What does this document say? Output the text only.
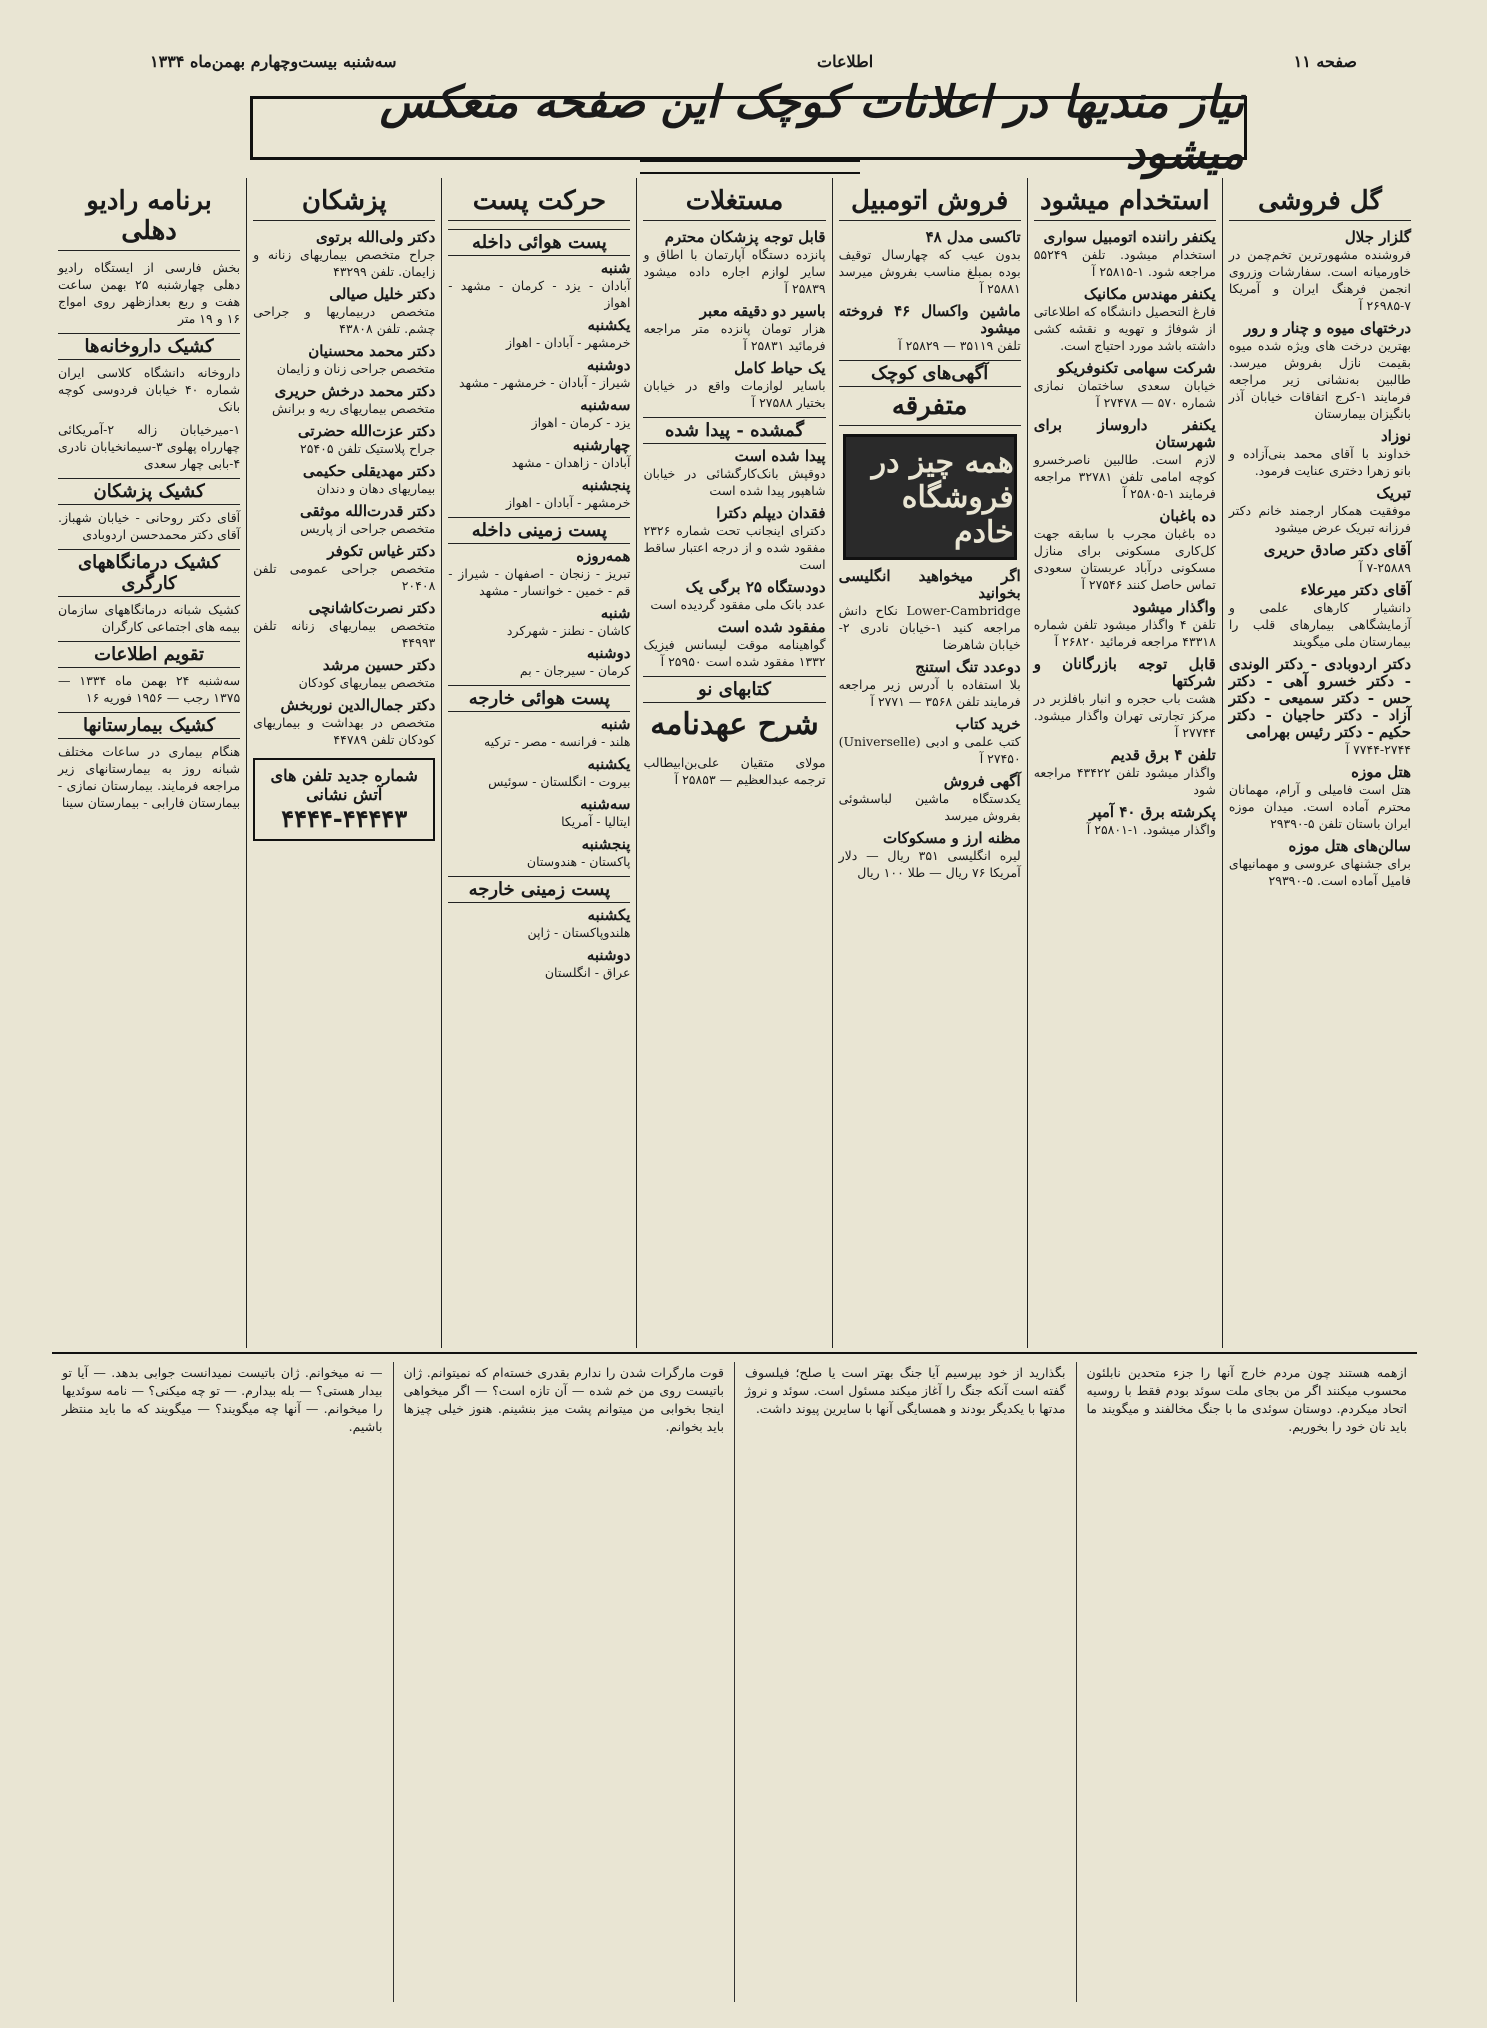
صفحه ۱۱
اطلاعات
سه‌شنبه بیست‌وچهارم بهمن‌ماه ۱۳۳۴
نیاز مندیها در اعلانات کوچک این صفحه منعکس میشود
گل فروشی
گلزار جلال
فروشنده مشهورترین تخم‌چمن در خاورمیانه است. سفارشات وزروی انجمن فرهنگ ایران و آمریکا ۷-۲۶۹۸۵ آ
درختهای میوه و چنار و رور
بهترین درخت های ویژه شده میوه بقیمت نازل بفروش میرسد. طالبین به‌نشانی زیر مراجعه فرمایند ۱-کرج اتفاقات خیابان آذر بانگیزان بیمارستان
نوزاد
خداوند با آقای محمد بنی‌آزاده و بانو زهرا دختری عنایت فرمود.
تبریک
موفقیت همکار ارجمند خانم دکتر فرزانه تبریک عرض میشود
آقای دکتر صادق حریری
۷-۲۵۸۸۹ آ
آقای دکتر میرعلاء
دانشیار کارهای علمی و آزمایشگاهی بیمارهای قلب را بیمارستان ملی میگویند
دکتر اردوبادی - دکتر الوندی - دکتر خسرو آهی - دکتر حس - دکتر سمیعی - دکتر آزاد - دکتر حاجیان - دکتر حکیم - دکتر رئیس بهرامی
۷۷۴۴-۲۷۴۴ آ
هتل موزه
هتل است فامیلی و آرام، مهمانان محترم آماده است. میدان موزه ایران باستان تلفن ۵-۲۹۳۹۰
سالن‌های هتل موزه
برای جشنهای عروسی و مهمانیهای فامیل آماده است. ۵-۲۹۳۹۰
استخدام میشود
یکنفر راننده اتومبیل سواری
استخدام میشود. تلفن ۵۵۲۴۹ مراجعه شود. ۱-۲۵۸۱۵ آ
یکنفر مهندس مکانیک
فارغ التحصیل دانشگاه که اطلاعاتی از شوفاژ و تهویه و نقشه کشی داشته باشد مورد احتیاج است.
شرکت سهامی تکنوفریکو
خیابان سعدی ساختمان نمازی شماره ۵۷۰ — ۲۷۴۷۸ آ
یکنفر داروساز برای شهرستان
لازم است. طالبین ناصرخسرو کوچه امامی تلفن ۳۲۷۸۱ مراجعه فرمایند ۱-۲۵۸۰۵ آ
ده باغبان
ده باغبان مجرب با سابقه جهت کل‌کاری مسکونی برای منازل مسکونی درآباد عربستان سعودی تماس حاصل کنند ۲۷۵۴۶ آ
واگذار میشود
تلفن ۴ واگذار میشود تلفن شماره ۴۳۳۱۸ مراجعه فرمائید ۲۶۸۲۰ آ
قابل توجه بازرگانان و شرکتها
هشت باب حجره و انبار بافلزبر در مرکز تجارتی تهران واگذار میشود. ۲۷۷۴۴ آ
تلفن ۴ برق قدیم
واگذار میشود تلفن ۴۳۴۲۲ مراجعه شود
پکرشته برق ۴۰ آمپر
واگذار میشود. ۱-۲۵۸۰۱ آ
فروش اتومبیل
تاکسی مدل ۴۸
بدون عیب که چهارسال توقیف بوده بمبلغ مناسب بفروش میرسد ۲۵۸۸۱ آ
ماشین واکسال ۴۶ فروخته میشود
تلفن ۳۵۱۱۹ — ۲۵۸۲۹ آ
آگهی‌های کوچک
متفرقه
همه چیز در فروشگاه خادم
اگر میخواهید انگلیسی بخوانید
Lower-Cambridge نکاح دانش مراجعه کنید ۱-خیابان نادری ۲-خیابان شاهرضا
دوعدد تنگ استنج
بلا استفاده با آدرس زیر مراجعه فرمایند تلفن ۳۵۶۸ — ۲۷۷۱ آ
خرید کتاب
کتب علمی و ادبی (Universelle) ۲۷۴۵۰ آ
آگهی فروش
یکدستگاه ماشین لباسشوئی بفروش میرسد
مظنه ارز و مسکوکات
لیره انگلیسی ۳۵۱ ریال — دلار آمریکا ۷۶ ریال — طلا ۱۰۰ ریال
مستغلات
قابل توجه پزشکان محترم
پانزده دستگاه آپارتمان با اطاق و سایر لوازم اجاره داده میشود ۲۵۸۳۹ آ
باسیر دو دقیقه معبر
هزار تومان پانزده متر مراجعه فرمائید ۲۵۸۳۱ آ
یک حیاط کامل
باسایر لوازمات واقع در خیابان بختیار ۲۷۵۸۸ آ
گمشده - پیدا شده
پیدا شده است
دوقپش بانک‌کارگشائی در خیابان شاهپور پیدا شده است
فقدان دیپلم دکترا
دکترای اینجانب تحت شماره ۲۳۲۶ مفقود شده و از درجه اعتبار ساقط است
دودستگاه ۲۵ برگی یک
عدد بانک ملی مفقود گردیده است
مفقود شده است
گواهینامه موقت لیسانس فیزیک ۱۳۳۲ مفقود شده است ۲۵۹۵۰ آ
کتابهای نو
شرح عهدنامه
مولای متقیان علی‌بن‌ابیطالب ترجمه عبدالعظیم — ۲۵۸۵۳ آ
حرکت پست
پست هوائی داخله
شنبه
آبادان - یزد - کرمان - مشهد - اهواز
یکشنبه
خرمشهر - آبادان - اهواز
دوشنبه
شیراز - آبادان - خرمشهر - مشهد
سه‌شنبه
یزد - کرمان - اهواز
چهارشنبه
آبادان - زاهدان - مشهد
پنجشنبه
خرمشهر - آبادان - اهواز
پست زمینی داخله
همه‌روزه
تبریز - زنجان - اصفهان - شیراز - قم - خمین - خوانسار - مشهد
شنبه
کاشان - نطنز - شهرکرد
دوشنبه
کرمان - سیرجان - بم
پست هوائی خارجه
شنبه
هلند - فرانسه - مصر - ترکیه
یکشنبه
بیروت - انگلستان - سوئیس
سه‌شنبه
ایتالیا - آمریکا
پنجشنبه
پاکستان - هندوستان
پست زمینی خارجه
یکشنبه
هلندوپاکستان - ژاپن
دوشنبه
عراق - انگلستان
پزشکان
دکتر ولی‌الله برتوی
جراح متخصص بیماریهای زنانه و زایمان. تلفن ۴۳۲۹۹
دکتر خلیل صیالی
متخصص دربیماریها و جراحی چشم. تلفن ۴۳۸۰۸
دکتر محمد محسنیان
متخصص جراحی زنان و زایمان
دکتر محمد درخش حریری
متخصص بیماریهای ریه و برانش
دکتر عزت‌الله حضرتی
جراح پلاستیک تلفن ۲۵۴۰۵
دکتر مهدیقلی حکیمی
بیماریهای دهان و دندان
دکتر قدرت‌الله موثقی
متخصص جراحی از پاریس
دکتر غیاس تکوفر
متخصص جراحی عمومی تلفن ۲۰۴۰۸
دکتر نصرت‌کاشانچی
متخصص بیماریهای زنانه تلفن ۴۴۹۹۳
دکتر حسین مرشد
متخصص بیماریهای کودکان
دکتر جمال‌الدین نوربخش
متخصص در بهداشت و بیماریهای کودکان تلفن ۴۴۷۸۹
شماره جدید تلفن های آتش نشانی
۴۴۴۴-۴۴۴۴۳
برنامه رادیو دهلی
بخش فارسی از ایستگاه رادیو دهلی چهارشنبه ۲۵ بهمن ساعت هفت و ربع بعدازظهر روی امواج ۱۶ و ۱۹ متر
کشیک داروخانه‌ها
داروخانه دانشگاه کلاسی ایران شماره ۴۰ خیابان فردوسی کوچه بانک
۱-میرخیابان زاله ۲-آمریکائی چهارراه پهلوی ۳-سیمانخیابان نادری ۴-بابی چهار سعدی
کشیک پزشکان
آقای دکتر روحانی - خیابان شهباز. آقای دکتر محمدحسن اردوبادی
کشیک درمانگاههای کارگری
کشیک شبانه درمانگاههای سازمان بیمه های اجتماعی کارگران
تقویم اطلاعات
سه‌شنبه ۲۴ بهمن ماه ۱۳۳۴ — ۱۳۷۵ رجب — ۱۹۵۶ فوریه ۱۶
کشیک بیمارستانها
هنگام بیماری در ساعات مختلف شبانه روز به بیمارستانهای زیر مراجعه فرمایند. بیمارستان نمازی - بیمارستان فارابی - بیمارستان سینا

ازهمه هستند چون مردم خارج آنها را جزء متحدین نابلئون محسوب میکنند اگر من بجای ملت سوئد بودم فقط با روسیه اتحاد میکردم. دوستان سوئدی ما با جنگ مخالفند و میگویند ما باید نان خود را بخوریم.

بگذارید از خود بپرسیم آیا جنگ بهتر است یا صلح؛ فیلسوف گفته است آنکه جنگ را آغاز میکند مسئول است. سوئد و نروژ مدتها با یکدیگر بودند و همسایگی آنها با سایرین پیوند داشت.

قوت مارگرات شدن را ندارم بقدری خسته‌ام که نمیتوانم. ژان باتیست روی من خم شده — آن تازه است؟ — اگر میخواهی اینجا بخوابی من میتوانم پشت میز بنشینم. هنوز خیلی چیزها باید بخوانم.

— نه میخوانم. ژان باتیست نمیدانست جوابی بدهد. — آیا تو بیدار هستی؟ — بله بیدارم. — تو چه میکنی؟ — نامه سوئدیها را میخوانم. — آنها چه میگویند؟ — میگویند که ما باید منتظر باشیم.
